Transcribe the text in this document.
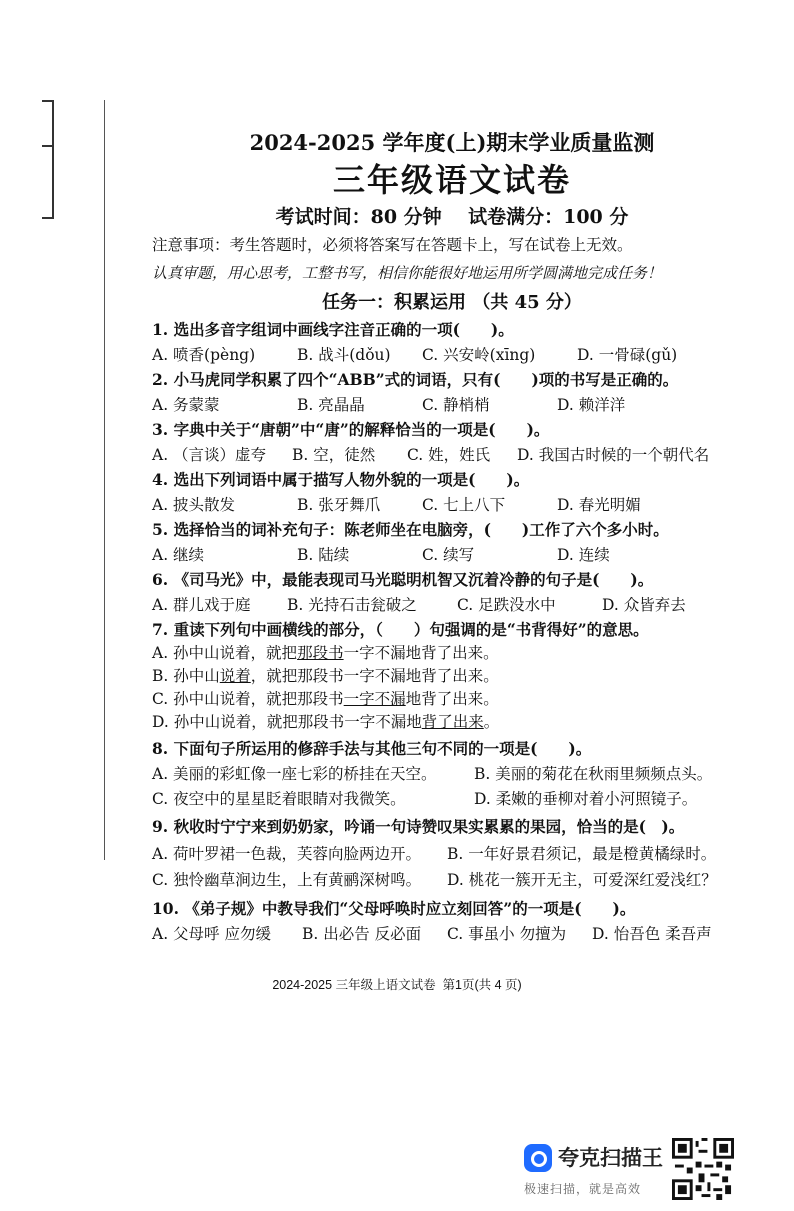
2024-2025 学年度(上)期末学业质量监测
三年级语文试卷
考试时间：80 分钟    试卷满分：100 分
注意事项：考生答题时，必须将答案写在答题卡上，写在试卷上无效。
认真审题，用心思考，工整书写，相信你能很好地运用所学圆满地完成任务！
任务一：积累运用 （共 45 分）
1. 选出多音字组词中画线字注音正确的一项(　　)。
A. 喷香(pèng)	B. 战斗(dǒu) C. 兴安岭(xīng)	D. 一骨碌(gǔ)
2. 小马虎同学积累了四个“ABB”式的词语，只有(　　)项的书写是正确的。
A. 务蒙蒙	B. 亮晶晶	C. 静梢梢	D. 赖洋洋
3. 字典中关于“唐朝”中“唐”的解释恰当的一项是(　　)。
A. （言谈）虚夸 B. 空，徒然 C. 姓，姓氏 D. 我国古时候的一个朝代名
4. 选出下列词语中属于描写人物外貌的一项是(　　)。
A. 披头散发	B. 张牙舞爪	C. 七上八下	D. 春光明媚
5. 选择恰当的词补充句子：陈老师坐在电脑旁，(　　)工作了六个多小时。
A. 继续	B. 陆续	C. 续写	D. 连续
6. 《司马光》中，最能表现司马光聪明机智又沉着冷静的句子是(　　)。
A. 群儿戏于庭 B. 光持石击瓮破之	C. 足跌没水中	D. 众皆弃去
7. 重读下列句中画横线的部分，（　　）句强调的是“书背得好”的意思。
A. 孙中山说着，就把那段书一字不漏地背了出来。
B. 孙中山说着，就把那段书一字不漏地背了出来。
C. 孙中山说着，就把那段书一字不漏地背了出来。
D. 孙中山说着，就把那段书一字不漏地背了出来。
8. 下面句子所运用的修辞手法与其他三句不同的一项是(　　)。
A. 美丽的彩虹像一座七彩的桥挂在天空。 B. 美丽的菊花在秋雨里频频点头。
C. 夜空中的星星眨着眼睛对我微笑。	D. 柔嫩的垂柳对着小河照镜子。
9. 秋收时宁宁来到奶奶家，吟诵一句诗赞叹果实累累的果园，恰当的是(　)。
A. 荷叶罗裙一色裁，芙蓉向脸两边开。 B. 一年好景君须记，最是橙黄橘绿时。
C. 独怜幽草涧边生，上有黄鹂深树鸣。 D. 桃花一簇开无主，可爱深红爱浅红？
10. 《弟子规》中教导我们“父母呼唤时应立刻回答”的一项是(　　)。
A. 父母呼 应勿缓 B. 出必告 反必面 C. 事虽小 勿擅为 D. 怡吾色 柔吾声
2024-2025 三年级上语文试卷  第1页(共 4 页)
夸克扫描王
极速扫描，就是高效
